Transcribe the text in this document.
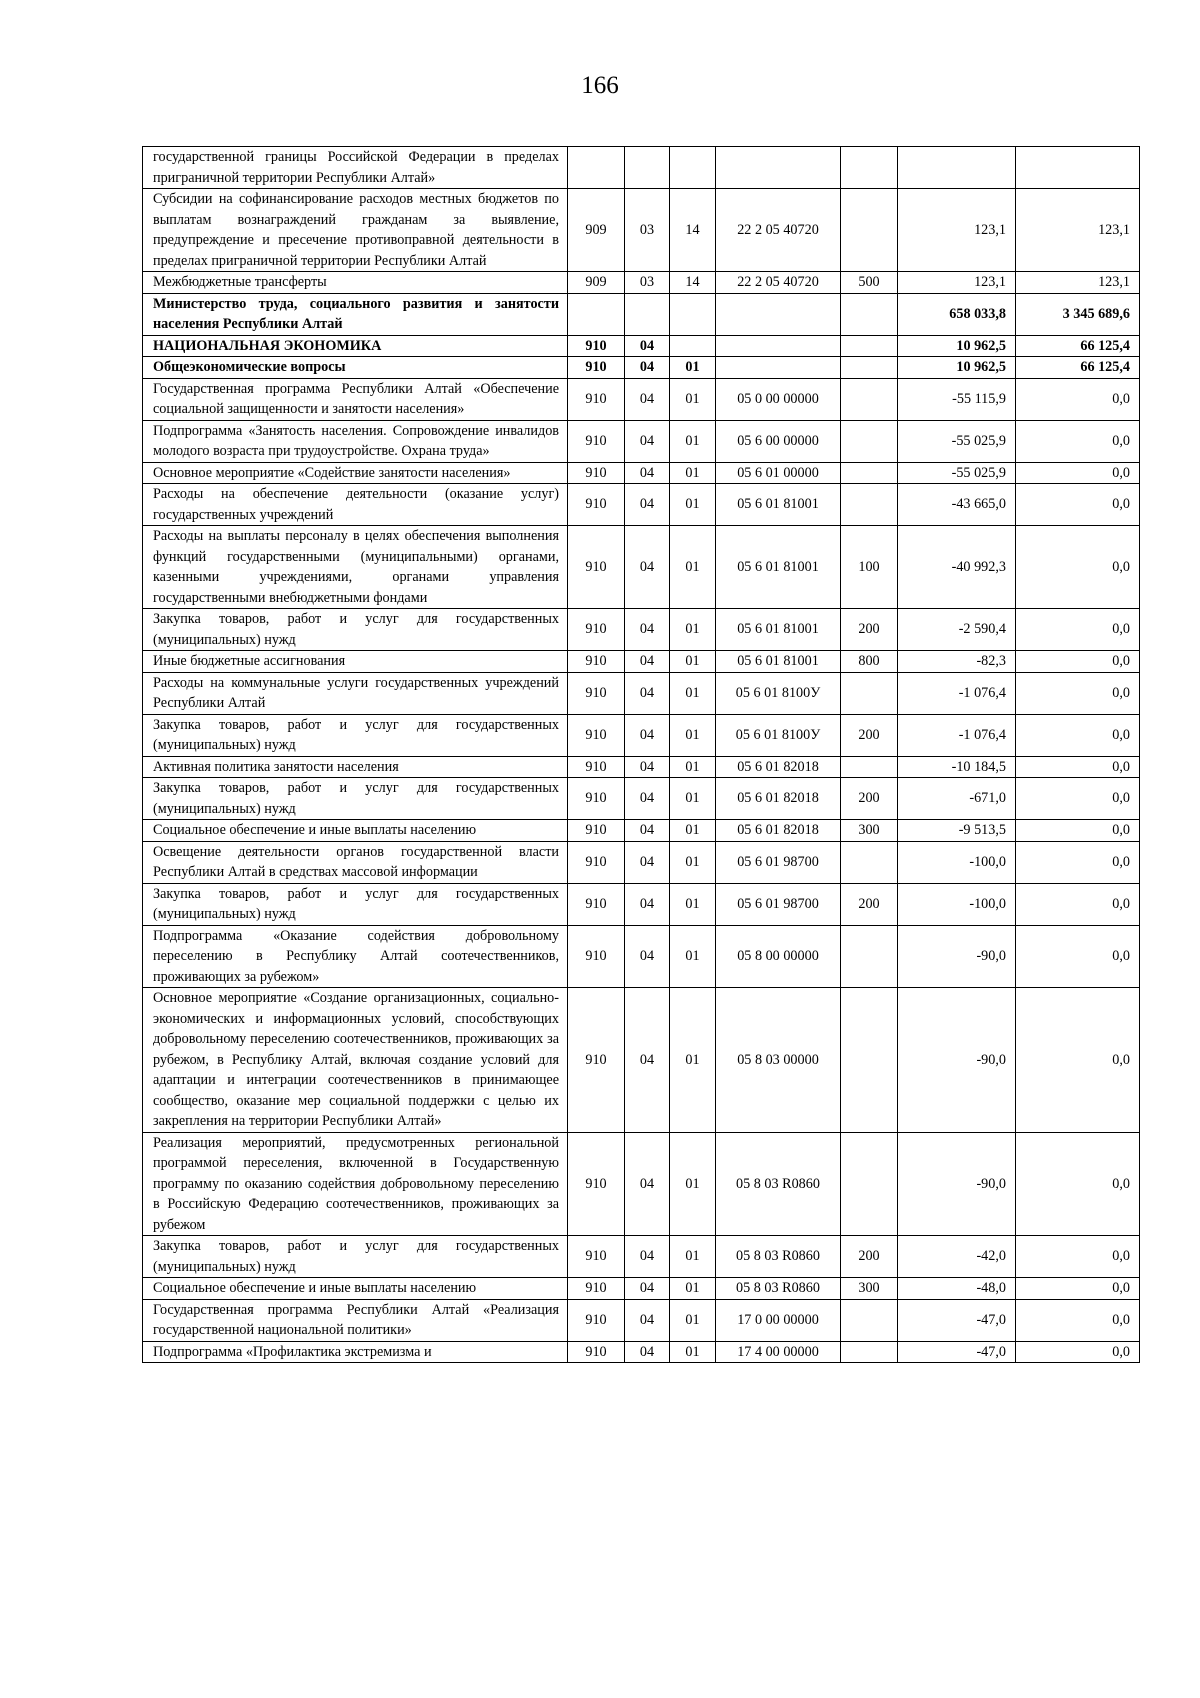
166
государственной границы Российской Федерации в пределах приграничной территории Республики Алтай»							
Субсидии на софинансирование расходов местных бюджетов по выплатам вознаграждений гражданам за выявление, предупреждение и пресечение противоправной деятельности в пределах приграничной территории Республики Алтай	909	03	14	22 2 05 40720		123,1	123,1
Межбюджетные трансферты	909	03	14	22 2 05 40720	500	123,1	123,1
Министерство труда, социального развития и занятости населения Республики Алтай						658 033,8	3 345 689,6
НАЦИОНАЛЬНАЯ ЭКОНОМИКА	910	04				10 962,5	66 125,4
Общеэкономические вопросы	910	04	01			10 962,5	66 125,4
Государственная программа Республики Алтай «Обеспечение социальной защищенности и занятости населения»	910	04	01	05 0 00 00000		-55 115,9	0,0
Подпрограмма «Занятость населения. Сопровождение инвалидов молодого возраста при трудоустройстве. Охрана труда»	910	04	01	05 6 00 00000		-55 025,9	0,0
Основное мероприятие «Содействие занятости населения»	910	04	01	05 6 01 00000		-55 025,9	0,0
Расходы на обеспечение деятельности (оказание услуг) государственных учреждений	910	04	01	05 6 01 81001		-43 665,0	0,0
Расходы на выплаты персоналу в целях обеспечения выполнения функций государственными (муниципальными) органами, казенными учреждениями, органами управления государственными внебюджетными фондами	910	04	01	05 6 01 81001	100	-40 992,3	0,0
Закупка товаров, работ и услуг для государственных (муниципальных) нужд	910	04	01	05 6 01 81001	200	-2 590,4	0,0
Иные бюджетные ассигнования	910	04	01	05 6 01 81001	800	-82,3	0,0
Расходы на коммунальные услуги государственных учреждений Республики Алтай	910	04	01	05 6 01 8100У		-1 076,4	0,0
Закупка товаров, работ и услуг для государственных (муниципальных) нужд	910	04	01	05 6 01 8100У	200	-1 076,4	0,0
Активная политика занятости населения	910	04	01	05 6 01 82018		-10 184,5	0,0
Закупка товаров, работ и услуг для государственных (муниципальных) нужд	910	04	01	05 6 01 82018	200	-671,0	0,0
Социальное обеспечение и иные выплаты населению	910	04	01	05 6 01 82018	300	-9 513,5	0,0
Освещение деятельности органов государственной власти Республики Алтай в средствах массовой информации	910	04	01	05 6 01 98700		-100,0	0,0
Закупка товаров, работ и услуг для государственных (муниципальных) нужд	910	04	01	05 6 01 98700	200	-100,0	0,0
Подпрограмма «Оказание содействия добровольному переселению в Республику Алтай соотечественников, проживающих за рубежом»	910	04	01	05 8 00 00000		-90,0	0,0
Основное мероприятие «Создание организационных, социально-экономических и информационных условий, способствующих добровольному переселению соотечественников, проживающих за рубежом, в Республику Алтай, включая создание условий для адаптации и интеграции соотечественников в принимающее сообщество, оказание мер социальной поддержки с целью их закрепления на территории Республики Алтай»	910	04	01	05 8 03 00000		-90,0	0,0
Реализация мероприятий, предусмотренных региональной программой переселения, включенной в Государственную программу по оказанию содействия добровольному переселению в Российскую Федерацию соотечественников, проживающих за рубежом	910	04	01	05 8 03 R0860		-90,0	0,0
Закупка товаров, работ и услуг для государственных (муниципальных) нужд	910	04	01	05 8 03 R0860	200	-42,0	0,0
Социальное обеспечение и иные выплаты населению	910	04	01	05 8 03 R0860	300	-48,0	0,0
Государственная программа Республики Алтай «Реализация государственной национальной политики»	910	04	01	17 0 00 00000		-47,0	0,0
Подпрограмма «Профилактика экстремизма и	910	04	01	17 4 00 00000		-47,0	0,0
